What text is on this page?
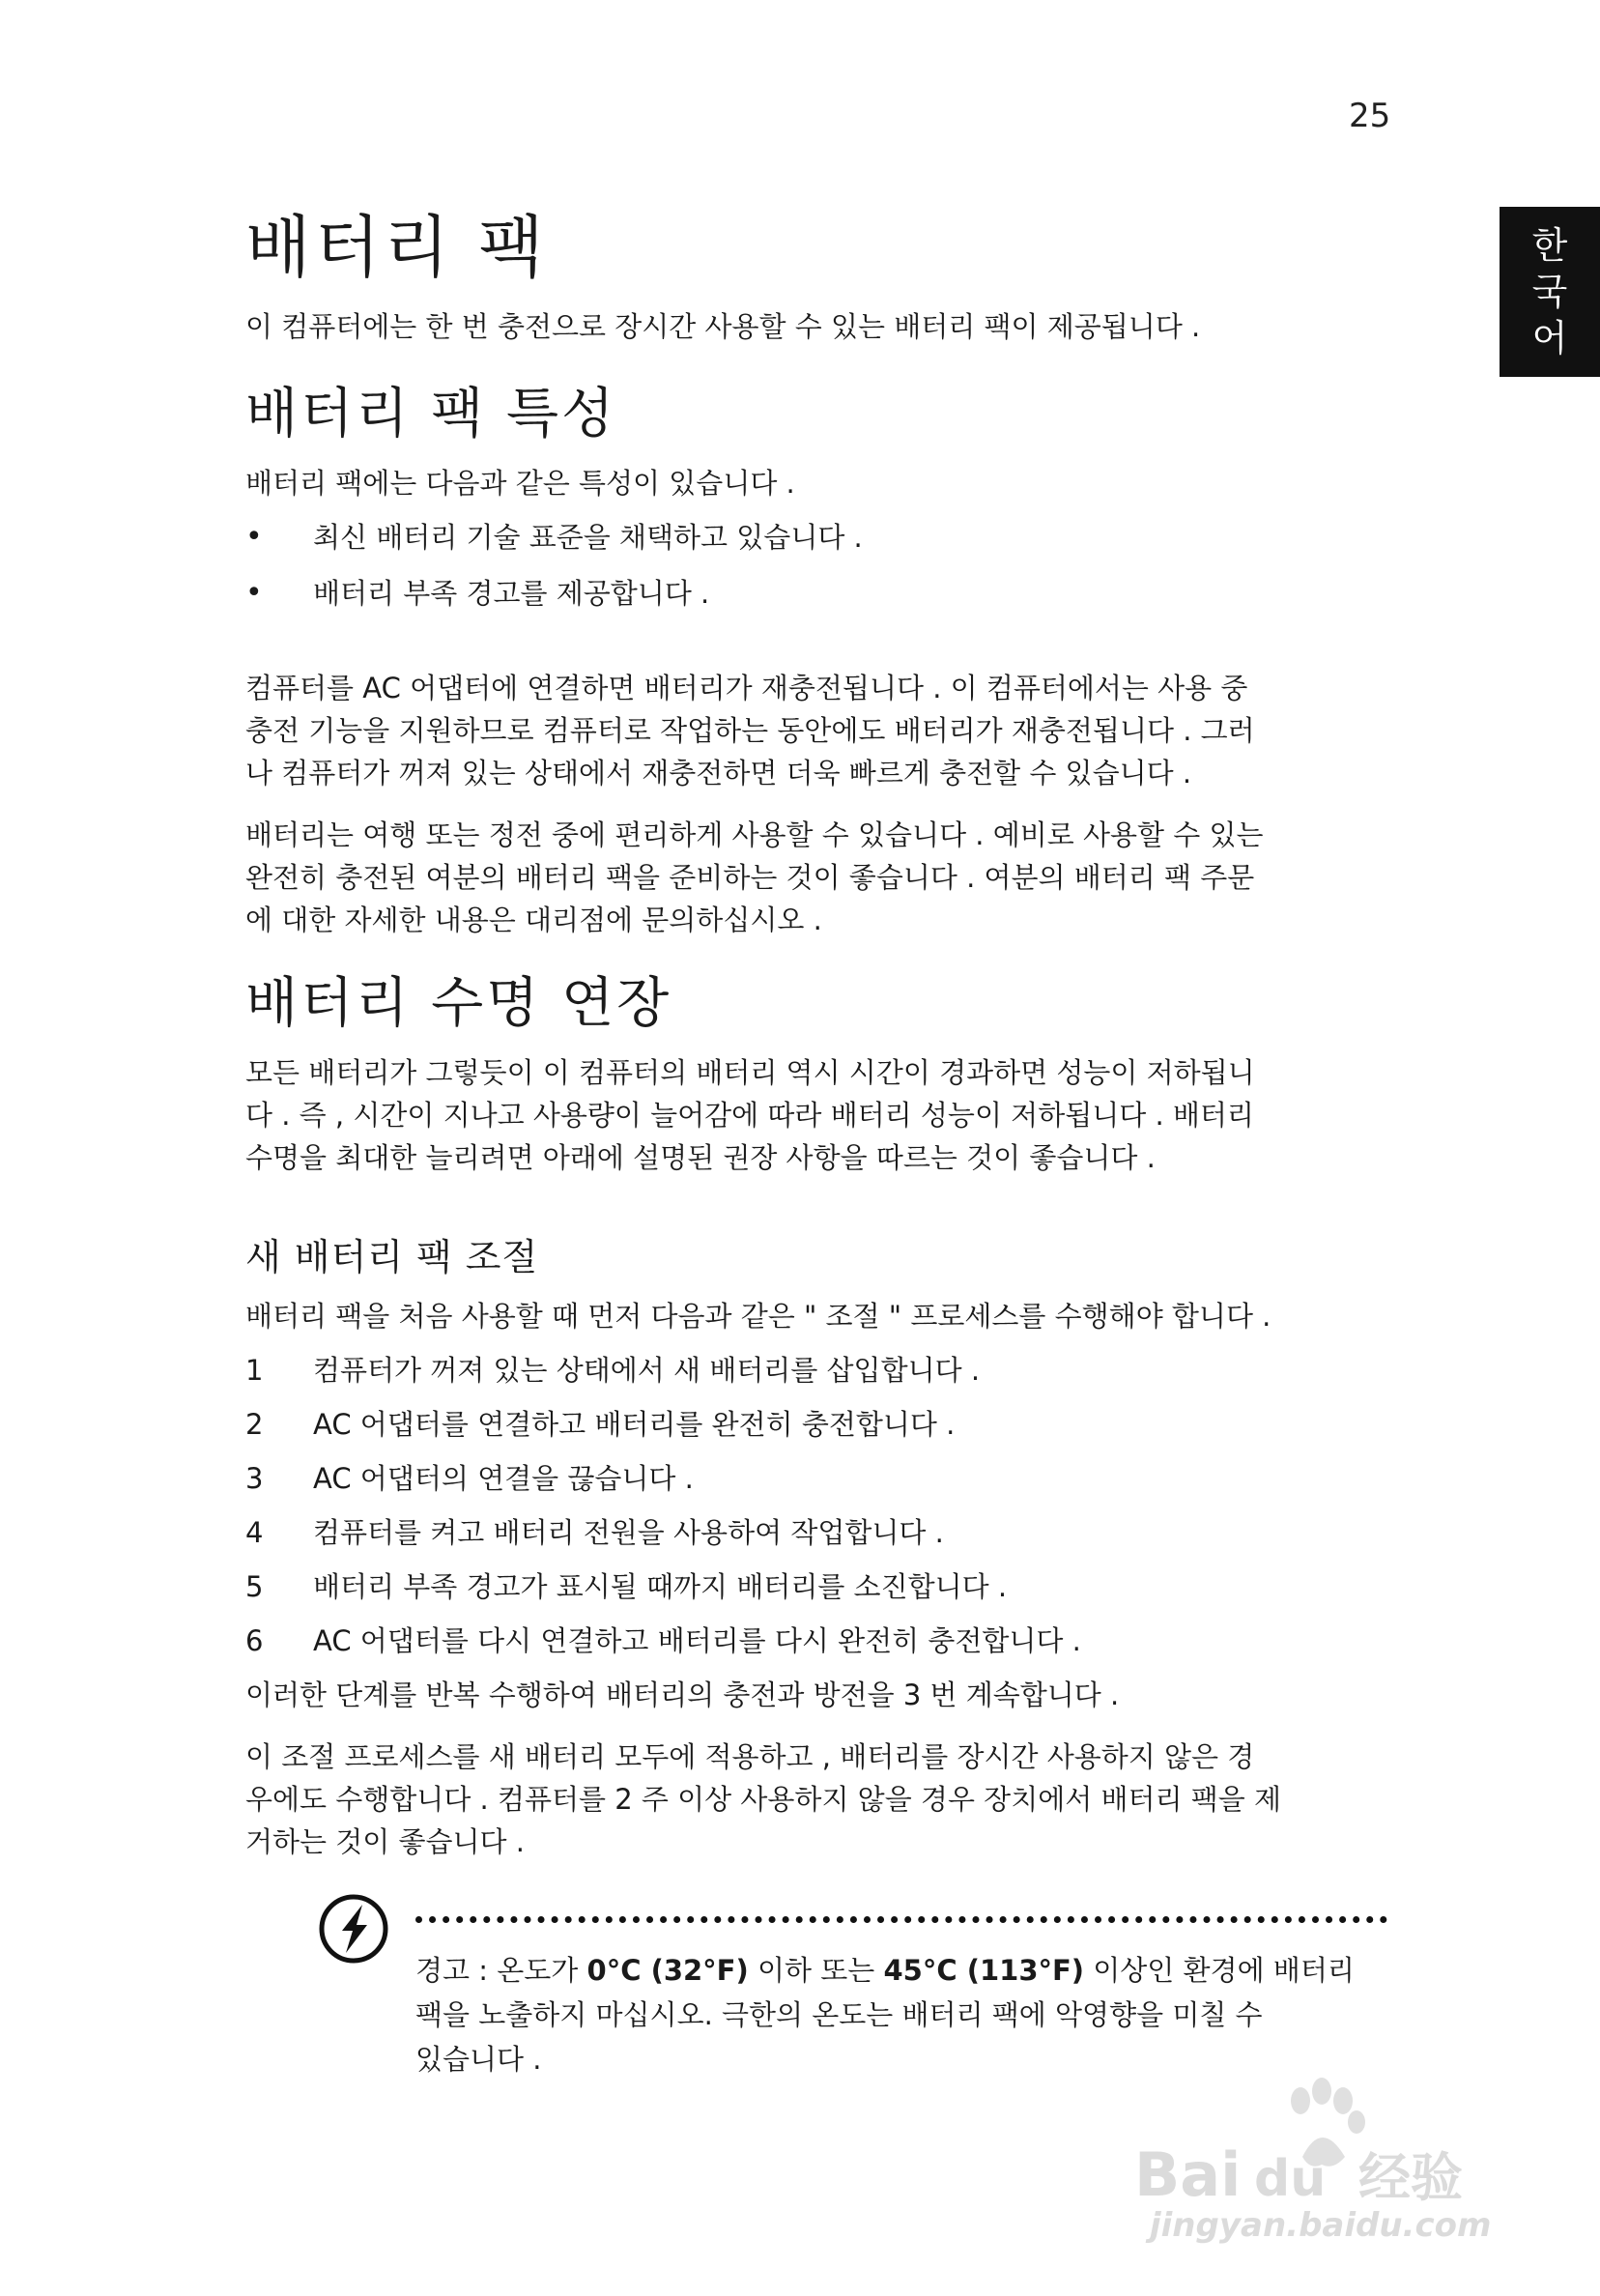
25
한
국
어
배터리 팩

이 컴퓨터에는 한 번 충전으로 장시간 사용할 수 있는 배터리 팩이 제공됩니다 .

배터리 팩 특성

배터리 팩에는 다음과 같은 특성이 있습니다 .

• 최신 배터리 기술 표준을 채택하고 있습니다 .
• 배터리 부족 경고를 제공합니다 .

컴퓨터를 AC 어댑터에 연결하면 배터리가 재충전됩니다 . 이 컴퓨터에서는 사용 중
충전 기능을 지원하므로 컴퓨터로 작업하는 동안에도 배터리가 재충전됩니다 . 그러
나 컴퓨터가 꺼져 있는 상태에서 재충전하면 더욱 빠르게 충전할 수 있습니다 .

배터리는 여행 또는 정전 중에 편리하게 사용할 수 있습니다 . 예비로 사용할 수 있는
완전히 충전된 여분의 배터리 팩을 준비하는 것이 좋습니다 . 여분의 배터리 팩 주문
에 대한 자세한 내용은 대리점에 문의하십시오 .

배터리 수명 연장

모든 배터리가 그렇듯이 이 컴퓨터의 배터리 역시 시간이 경과하면 성능이 저하됩니
다 . 즉 , 시간이 지나고 사용량이 늘어감에 따라 배터리 성능이 저하됩니다 . 배터리
수명을 최대한 늘리려면 아래에 설명된 권장 사항을 따르는 것이 좋습니다 .

새 배터리 팩 조절

배터리 팩을 처음 사용할 때 먼저 다음과 같은 " 조절 " 프로세스를 수행해야 합니다 .

1 컴퓨터가 꺼져 있는 상태에서 새 배터리를 삽입합니다 .
2 AC 어댑터를 연결하고 배터리를 완전히 충전합니다 .
3 AC 어댑터의 연결을 끊습니다 .
4 컴퓨터를 켜고 배터리 전원을 사용하여 작업합니다 .
5 배터리 부족 경고가 표시될 때까지 배터리를 소진합니다 .
6 AC 어댑터를 다시 연결하고 배터리를 다시 완전히 충전합니다 .

이러한 단계를 반복 수행하여 배터리의 충전과 방전을 3 번 계속합니다 .

이 조절 프로세스를 새 배터리 모두에 적용하고 , 배터리를 장시간 사용하지 않은 경
우에도 수행합니다 . 컴퓨터를 2 주 이상 사용하지 않을 경우 장치에서 배터리 팩을 제
거하는 것이 좋습니다 .

경고 : 온도가 0°C (32°F) 이하 또는 45°C (113°F) 이상인 환경에 배터리
팩을 노출하지 마십시오. 극한의 온도는 배터리 팩에 악영향을 미칠 수
있습니다 .
Bai du 经验
jingyan.baidu.com
